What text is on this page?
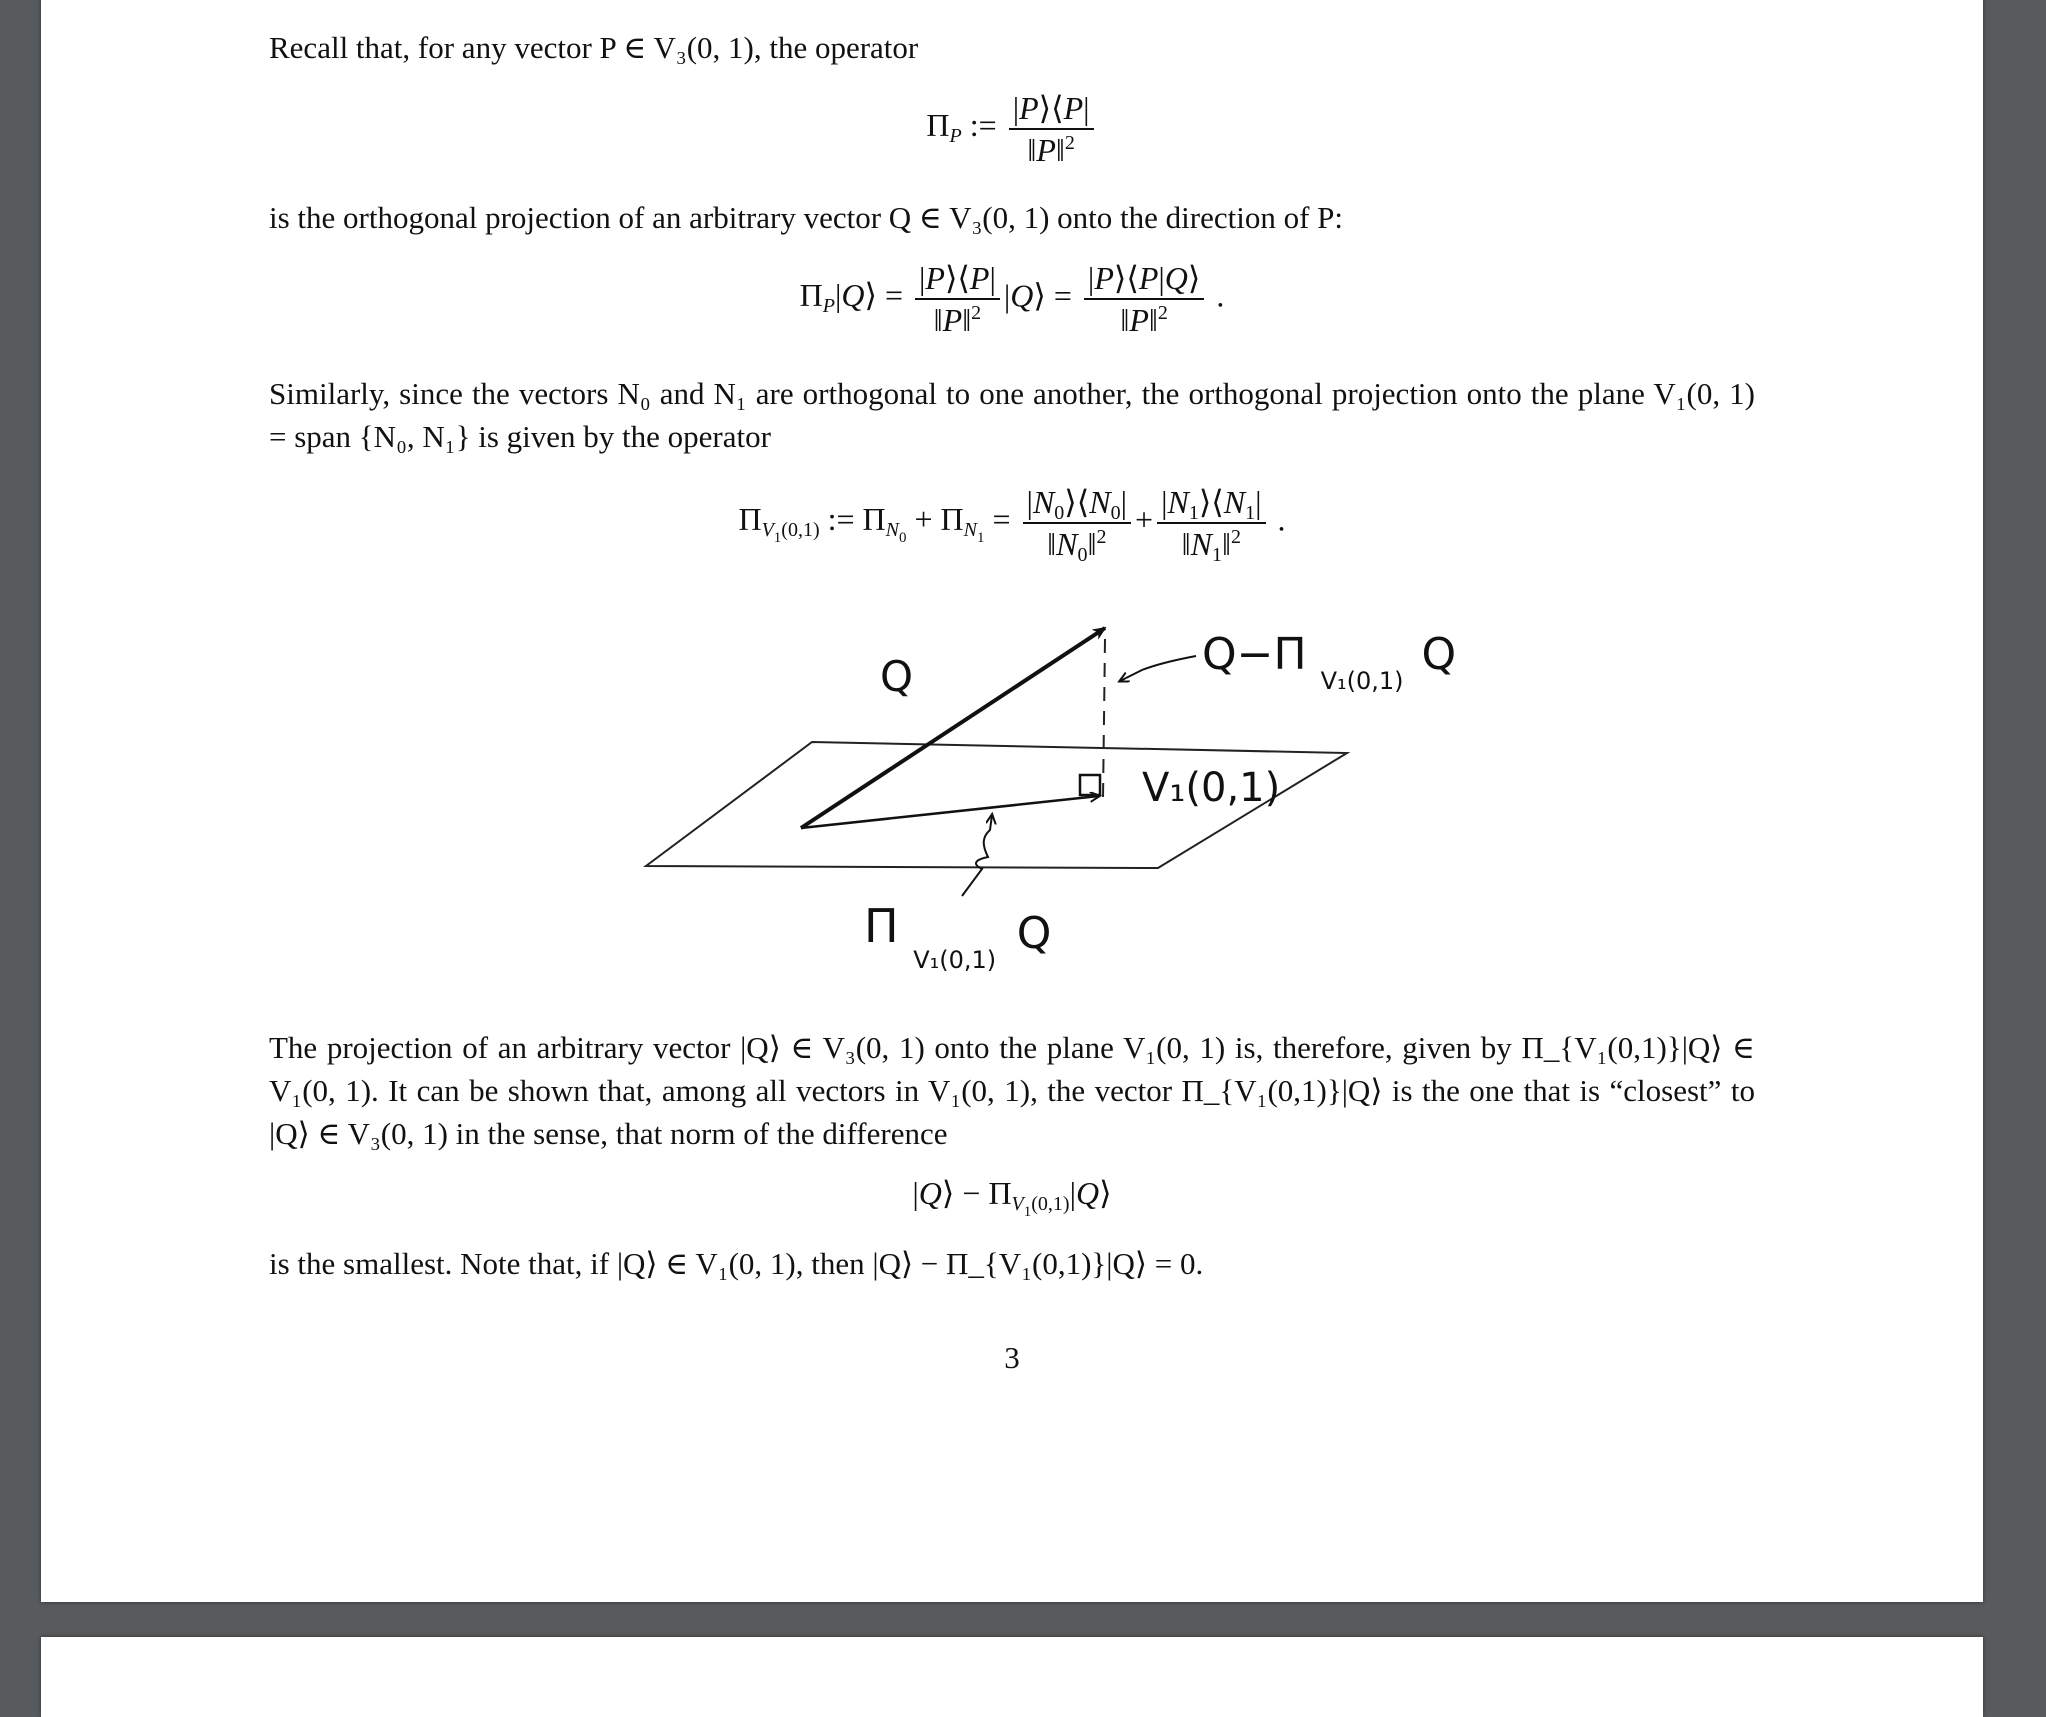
Recall that, for any vector P ∈ V₃(0, 1), the operator

$\Pi_P$ := $\frac{|P⟩⟨P|}{‖P‖^2}$

is the orthogonal projection of an arbitrary vector Q ∈ V₃(0, 1) onto the direction of P:

$\Pi_P|Q⟩ = \frac{|P⟩⟨P|}{‖P‖^2}$ |Q⟩ = $\frac{|P⟩⟨P|Q⟩}{‖P‖^2}$ .

Similarly, since the vectors N₀ and N₁ are orthogonal to one another, the orthogonal projection onto the plane V₁(0, 1) = span {N₀, N₁} is given by the operator

$\Pi_{V_1(0,1)}$ := $\Pi_{N_0} + \Pi_{N_1} = \frac{|N_0⟩⟨N_0|}{‖N_0‖^2} + \frac{|N_1⟩⟨N_1|}{‖N_1‖^2}$ .

The projection of an arbitrary vector |Q⟩ ∈ V₃(0, 1) onto the plane V₁(0, 1) is, therefore, given by Π_{V₁(0,1)}|Q⟩ ∈ V₁(0, 1). It can be shown that, among all vectors in V₁(0, 1), the vector Π_{V₁(0,1)}|Q⟩ is the one that is “closest” to |Q⟩ ∈ V₃(0, 1) in the sense, that norm of the difference

|Q⟩ − $\Pi_{V_1(0,1)}|Q⟩$

is the smallest. Note that, if |Q⟩ ∈ V₁(0, 1), then |Q⟩ − Π_{V₁(0,1)}|Q⟩ = 0.

3
Q	Q−Π $_{V_1(0,1)}$ Q
V₁(0,1)
Π $_{V_1(0,1)}$ Q
